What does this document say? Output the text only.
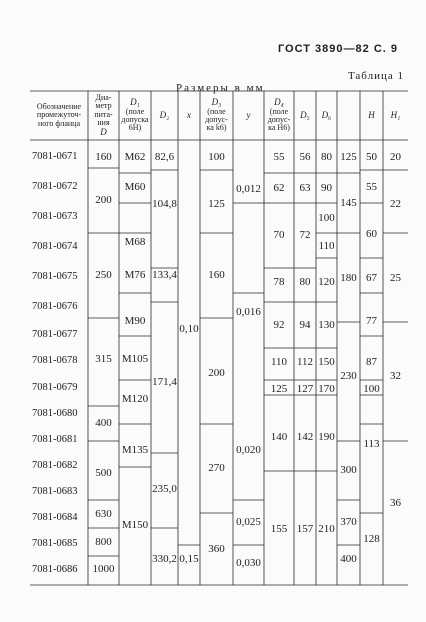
ГОСТ 3890—82 С. 9
Таблица 1
Размеры в мм
Обозначение
промежуточ-
ного фланца
Диа-
метр
пита-
ния
D
D₁
(поле
допуска
6H)
D₂ x
D₃
(поле
допус-
ка k6)
y
D₄
(поле
допус-
ка H6)
D₅ D₆	H H₁
7081-0671
7081-0672
7081-0673
7081-0674
7081-0675
7081-0676
7081-0677
7081-0678
7081-0679
7081-0680
7081-0681
7081-0682
7081-0683
7081-0684
7081-0685
7081-0686
160
200
250
315
400
500
630
800
1000
M62
M60
M68
M76
M90
M105
M120
M135
M150
82,6
104,8
133,4
171,4
235,0
330,2
0,10
0,15
100
125
160
200
270
360
0,012
0,016
0,020
0,025
0,030
55
62
70
78
92
110
125
140
155
56
63
72
80
94
112
127
142
157
80
90
100
110
120
130
150
170
190
210
125
145
180
230
300
370
400
50
55
60
67
77
87
100
113
128
20
22
25
32
36
